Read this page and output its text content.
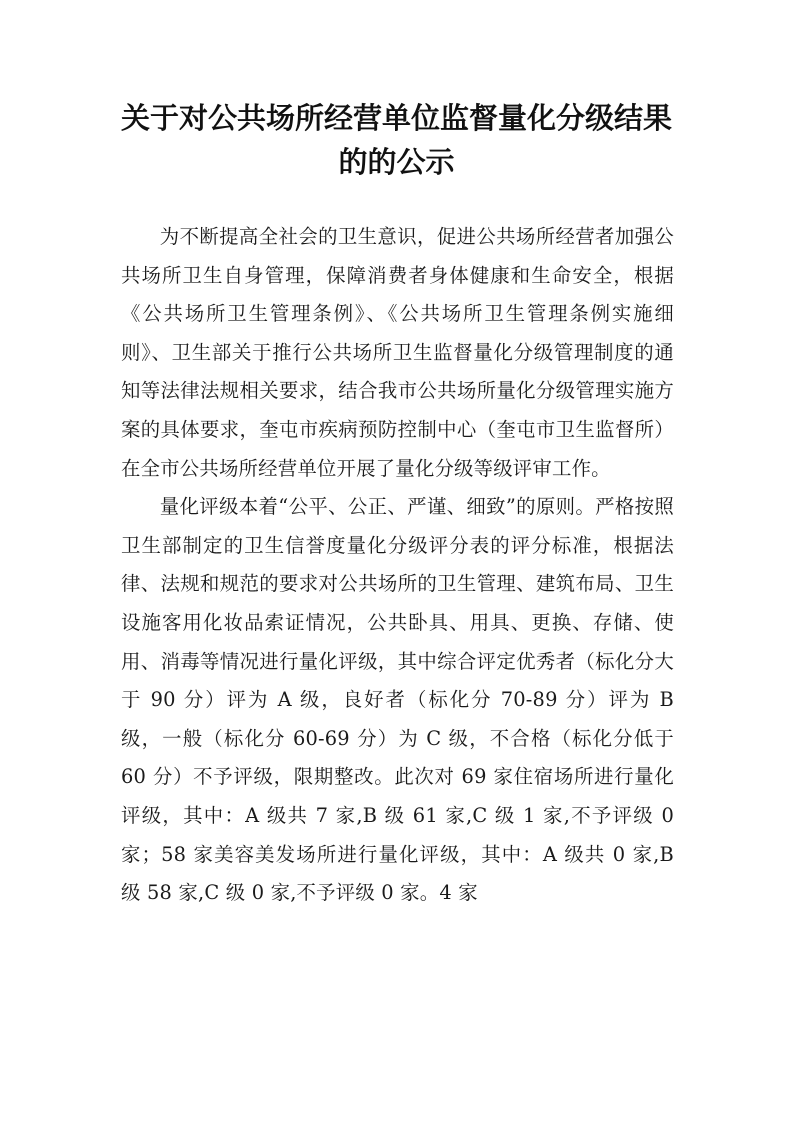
关于对公共场所经营单位监督量化分级结果的的公示

为不断提高全社会的卫生意识，促进公共场所经营者加强公共场所卫生自身管理，保障消费者身体健康和生命安全，根据《公共场所卫生管理条例》、《公共场所卫生管理条例实施细则》、卫生部关于推行公共场所卫生监督量化分级管理制度的通知等法律法规相关要求，结合我市公共场所量化分级管理实施方案的具体要求，奎屯市疾病预防控制中心（奎屯市卫生监督所）在全市公共场所经营单位开展了量化分级等级评审工作。

量化评级本着“公平、公正、严谨、细致”的原则。严格按照卫生部制定的卫生信誉度量化分级评分表的评分标准，根据法律、法规和规范的要求对公共场所的卫生管理、建筑布局、卫生设施客用化妆品索证情况，公共卧具、用具、更换、存储、使用、消毒等情况进行量化评级，其中综合评定优秀者（标化分大于 90 分）评为 A 级，良好者（标化分 70-89 分）评为 B 级，一般（标化分 60-69 分）为 C 级，不合格（标化分低于 60 分）不予评级，限期整改。此次对 69 家住宿场所进行量化评级，其中：A 级共 7 家,B 级 61 家,C 级 1 家,不予评级 0 家；58 家美容美发场所进行量化评级，其中：A 级共 0 家,B 级 58 家,C 级 0 家,不予评级 0 家。4 家
